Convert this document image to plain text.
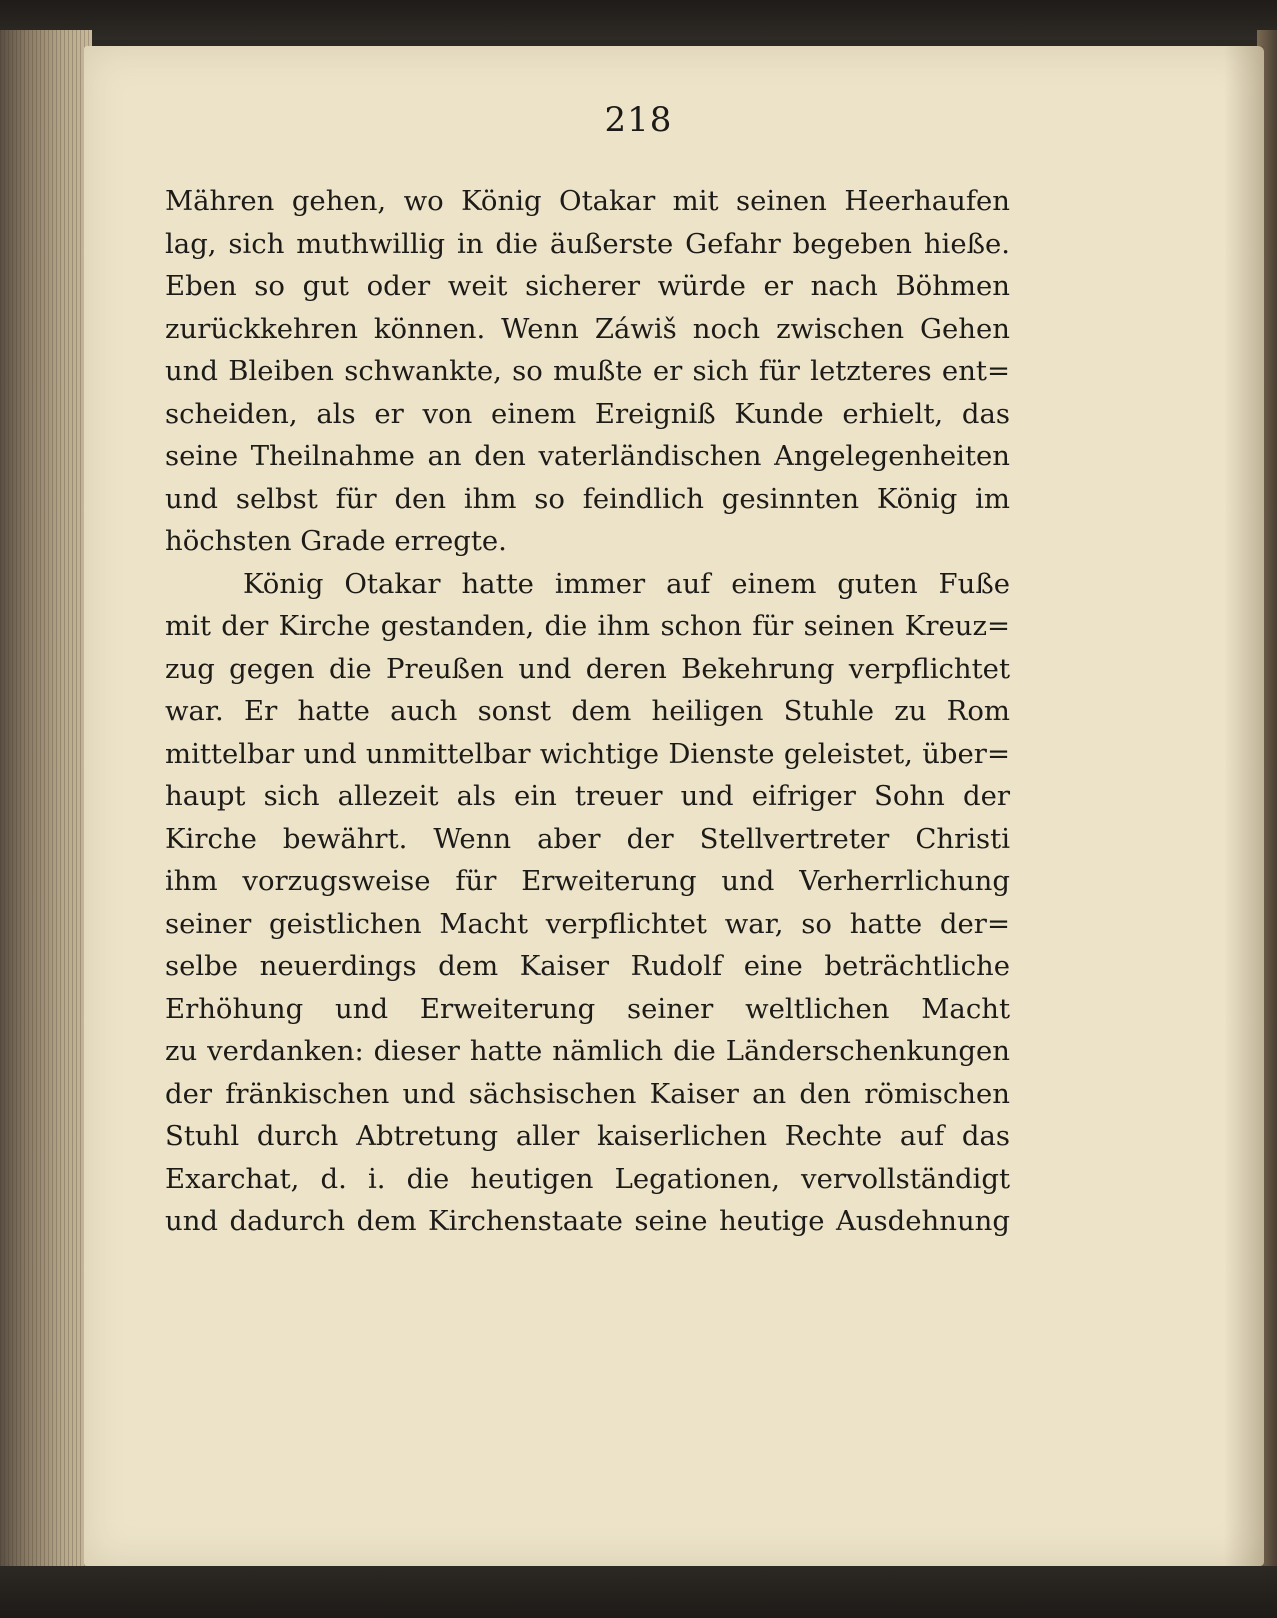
218
Mähren gehen, wo König Otakar mit seinen Heerhaufen
lag, sich muthwillig in die äußerste Gefahr begeben hieße.
Eben so gut oder weit sicherer würde er nach Böhmen
zurückkehren können. Wenn Záwiš noch zwischen Gehen
und Bleiben schwankte, so mußte er sich für letzteres ent=
scheiden, als er von einem Ereigniß Kunde erhielt, das
seine Theilnahme an den vaterländischen Angelegenheiten
und selbst für den ihm so feindlich gesinnten König im
höchsten Grade erregte.
König Otakar hatte immer auf einem guten Fuße
mit der Kirche gestanden, die ihm schon für seinen Kreuz=
zug gegen die Preußen und deren Bekehrung verpflichtet
war. Er hatte auch sonst dem heiligen Stuhle zu Rom
mittelbar und unmittelbar wichtige Dienste geleistet, über=
haupt sich allezeit als ein treuer und eifriger Sohn der
Kirche bewährt. Wenn aber der Stellvertreter Christi
ihm vorzugsweise für Erweiterung und Verherrlichung
seiner geistlichen Macht verpflichtet war, so hatte der=
selbe neuerdings dem Kaiser Rudolf eine beträchtliche
Erhöhung und Erweiterung seiner weltlichen Macht
zu verdanken: dieser hatte nämlich die Länderschenkungen
der fränkischen und sächsischen Kaiser an den römischen
Stuhl durch Abtretung aller kaiserlichen Rechte auf das
Exarchat, d. i. die heutigen Legationen, vervollständigt
und dadurch dem Kirchenstaate seine heutige Ausdehnung
